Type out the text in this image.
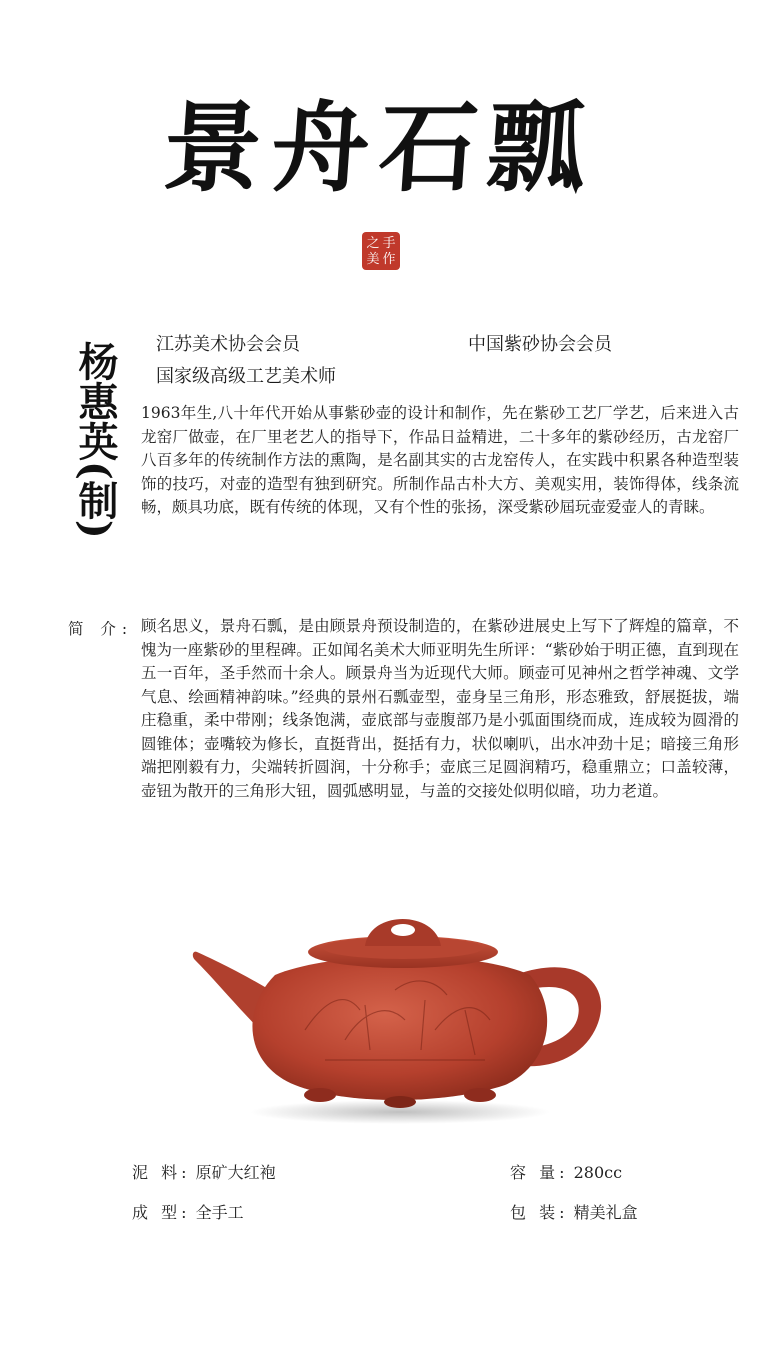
景舟石瓢
之 手
美 作
杨惠英(制) 江苏美术协会会员	中国紫砂协会会员
国家级高级工艺美术师
1963年生,八十年代开始从事紫砂壶的设计和制作，先在紫砂工艺厂学艺，后来进入古龙窑厂做壶，在厂里老艺人的指导下，作品日益精进，二十多年的紫砂经历，古龙窑厂八百多年的传统制作方法的熏陶，是名副其实的古龙窑传人，在实践中积累各种造型装饰的技巧，对壶的造型有独到研究。所制作品古朴大方、美观实用，装饰得体，线条流畅，颇具功底，既有传统的体现，又有个性的张扬，深受紫砂屆玩壶爱壶人的青睐。
简 介: 顾名思义，景舟石瓢，是由顾景舟预设制造的，在紫砂进展史上写下了辉煌的篇章，不愧为一座紫砂的里程碑。正如闻名美术大师亚明先生所评：“紫砂始于明正德，直到现在五一百年，圣手然而十余人。顾景舟当为近现代大师。顾壶可见神州之哲学神魂、文学气息、绘画精神韵味。”经典的景州石瓢壶型，壶身呈三角形，形态雅致，舒展挺拔，端庄稳重，柔中带刚；线条饱满，壶底部与壶腹部乃是小弧面围绕而成，连成较为圆滑的圆锥体；壶嘴较为修长，直挺背出，挺括有力，状似喇叭，出水冲劲十足；暗接三角形端把刚毅有力，尖端转折圆润，十分称手；壶底三足圆润精巧，稳重鼎立；口盖较薄，壶钮为散开的三角形大钮，圆弧感明显，与盖的交接处似明似暗，功力老道。
泥 料: 原矿大红袍	容 量: 280cc
成 型: 全手工	包 装: 精美礼盒
